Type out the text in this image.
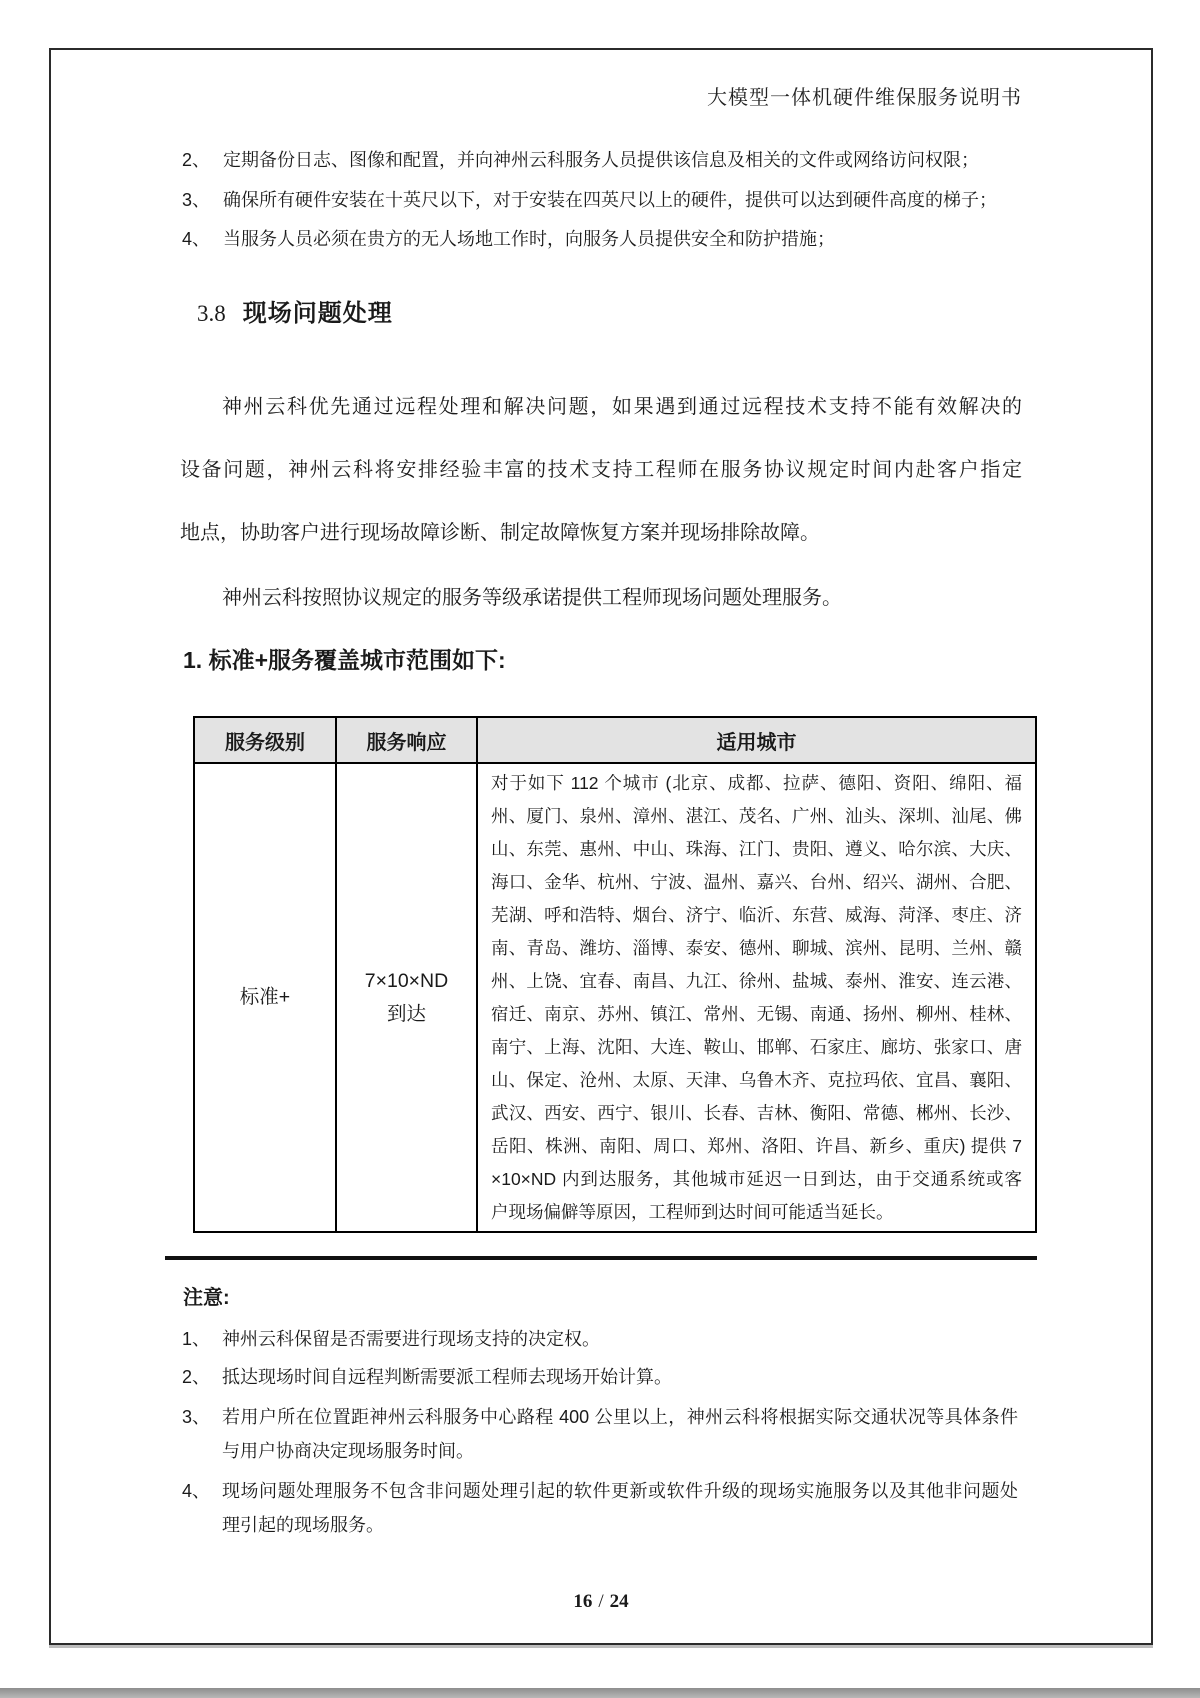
大模型一体机硬件维保服务说明书
2、 定期备份日志、图像和配置，并向神州云科服务人员提供该信息及相关的文件或网络访问权限；
3、 确保所有硬件安装在十英尺以下，对于安装在四英尺以上的硬件，提供可以达到硬件高度的梯子；
4、 当服务人员必须在贵方的无人场地工作时，向服务人员提供安全和防护措施；
3.8 现场问题处理
神州云科优先通过远程处理和解决问题，如果遇到通过远程技术支持不能有效解决的
设备问题，神州云科将安排经验丰富的技术支持工程师在服务协议规定时间内赴客户指定
地点，协助客户进行现场故障诊断、制定故障恢复方案并现场排除故障。
神州云科按照协议规定的服务等级承诺提供工程师现场问题处理服务。
1. 标准+服务覆盖城市范围如下:
服务级别	服务响应	适用城市
标准+
7×10×ND
到达
对于如下 112 个城市 (北京、成都、拉萨、德阳、资阳、绵阳、福
州、厦门、泉州、漳州、湛江、茂名、广州、汕头、深圳、汕尾、佛
山、东莞、惠州、中山、珠海、江门、贵阳、遵义、哈尔滨、大庆、
海口、金华、杭州、宁波、温州、嘉兴、台州、绍兴、湖州、合肥、
芜湖、呼和浩特、烟台、济宁、临沂、东营、威海、菏泽、枣庄、济
南、青岛、潍坊、淄博、泰安、德州、聊城、滨州、昆明、兰州、赣
州、上饶、宜春、南昌、九江、徐州、盐城、泰州、淮安、连云港、
宿迁、南京、苏州、镇江、常州、无锡、南通、扬州、柳州、桂林、
南宁、上海、沈阳、大连、鞍山、邯郸、石家庄、廊坊、张家口、唐
山、保定、沧州、太原、天津、乌鲁木齐、克拉玛依、宜昌、襄阳、
武汉、西安、西宁、银川、长春、吉林、衡阳、常德、郴州、长沙、
岳阳、株洲、南阳、周口、郑州、洛阳、许昌、新乡、重庆) 提供 7
×10×ND 内到达服务，其他城市延迟一日到达，由于交通系统或客
户现场偏僻等原因，工程师到达时间可能适当延长。
注意:
1、 神州云科保留是否需要进行现场支持的决定权。
2、 抵达现场时间自远程判断需要派工程师去现场开始计算。
3、 若用户所在位置距神州云科服务中心路程 400 公里以上，神州云科将根据实际交通状况等具体条件
与用户协商决定现场服务时间。
4、 现场问题处理服务不包含非问题处理引起的软件更新或软件升级的现场实施服务以及其他非问题处
理引起的现场服务。
16 / 24
